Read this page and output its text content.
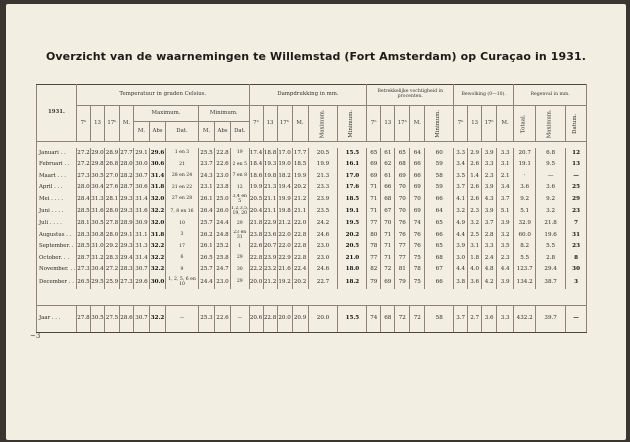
Overzicht van de waarnemingen te Willemstad (Fort Amsterdam) op Curaçao in 1931.
1931.	Temperatuur in graden Celsius.										Dampdrukking in mm.						Betrekkelijke vochtigheid in procenten.					Bewolking (0—10).				Regenval in mm.		
	7ʰ	13	17ʰ	M.	Maximum.			Minimum.			7ʰ	13	17ʰ	M.	Maximum.	Minimum.	7ʰ	13	17ʰ	M.	Minimum.	7ʰ	13	17ʰ	M.	Totaal.	Maximum.	Datum.
					M.	Abs	Dat.	M.	Abs	Dat.																		

Januari . .	27.2	29.0	28.9	27.7	29.1	29.6	1 en 3	25.5	22.8	19	17.4	18.8	17.0	17.7	20.5	15.5	65	61	65	64	60	3.3	2.9	3.9	3.3	20.7	6.8	12
Februari . .	27.2	29.8	26.8	28.0	30.0	30.6	21	23.7	22.6	2 en 5	18.4	19.3	19.0	18.5	19.9	16.1	69	62	68	66	59	3.4	2.6	3.3	3.1	19.1	9.5	13
Maart . . .	27.3	30.5	27.0	28.2	30.7	31.4	28 en 24	24.3	23.0	7 en 8	18.6	19.8	18.2	19.9	21.3	17.0	69	61	69	66	58	3.5	1.4	2.3	2.1	·	—	—
April . . .	28.0	30.4	27.6	28.7	30.6	31.8	21 en 22	23.1	23.8	12	19.9	21.3	19.4	20.2	23.3	17.6	71	66	70	69	59	3.7	2.6	3.9	3.4	3.6	3.6	25
Mei . . . .	28.4	31.3	28.1	29.3	31.4	32.0	27 en 28	26.1	25.0	3,4 en 5	20.5	21.1	19.9	21.2	23.9	18.5	71	68	70	70	66	4.1	2.6	4.3	3.7	9.2	9.2	29
Juni . . . .	28.5	31.6	28.0	29.3	31.6	32.2	7, 8 en 16	26.4	26.0	1,2,3,5, 19, 20	20.4	21.1	19.8	21.1	23.5	19.1	71	67	70	69	64	3.2	2.3	3.9	5.1	5.1	3.2	23
Juli . . . .	28.1	30.5	27.8	28.9	30.9	32.0	10	25.7	24.4	29	21.8	22.9	21.2	22.0	24.2	19.5	77	70	76	74	65	4.9	3.2	3.7	3.9	32.9	21.8	7
Augustus . .	28.3	30.8	28.0	29.1	31.1	31.8	3	26.2	24.8	23 en 31	23.8	23.6	22.0	22.8	24.6	20.2	80	71	76	76	66	4.4	2.5	2.8	3.2	60.0	19.6	31
September. .	28.5	31.0	29.2	29.3	31.3	32.2	17	26.1	25.2	1	22.6	20.7	22.0	22.8	23.0	20.5	78	71	77	76	65	3.9	3.1	3.3	3.5	8.2	5.5	23
October. . .	28.7	31.2	28.3	29.4	31.4	32.2	6	26.5	25.8	29	22.8	23.9	22.9	22.8	23.0	21.0	77	71	77	75	68	3.0	1.8	2.4	2.3	5.5	2.8	8
November. . .	27.3	30.4	27.2	28.3	30.7	32.2	9	25.7	24.7	30	22.2	23.2	21.6	22.4	24.6	18.0	82	72	81	78	67	4.4	4.0	4.8	4.4	123.7	29.4	30
December . .	26.5	29.5	25.9	27.3	29.6	30.0	1, 2, 5, 6 en 10	24.4	23.0	29	20.0	21.2	19.2	20.2	22.7	18.2	79	69	79	75	66	3.8	3.6	4.2	3.9	134.2	38.7	3

Jaar . . .	27.8	30.5	27.5	28.6	30.7	32.2	—	25.3	22.6	—	20.6	22.8	20.0	20.9	20.0	15.5	74	68	72	72	58	3.7	2.7	3.6	3.3	432.2	39.7	—
~3
